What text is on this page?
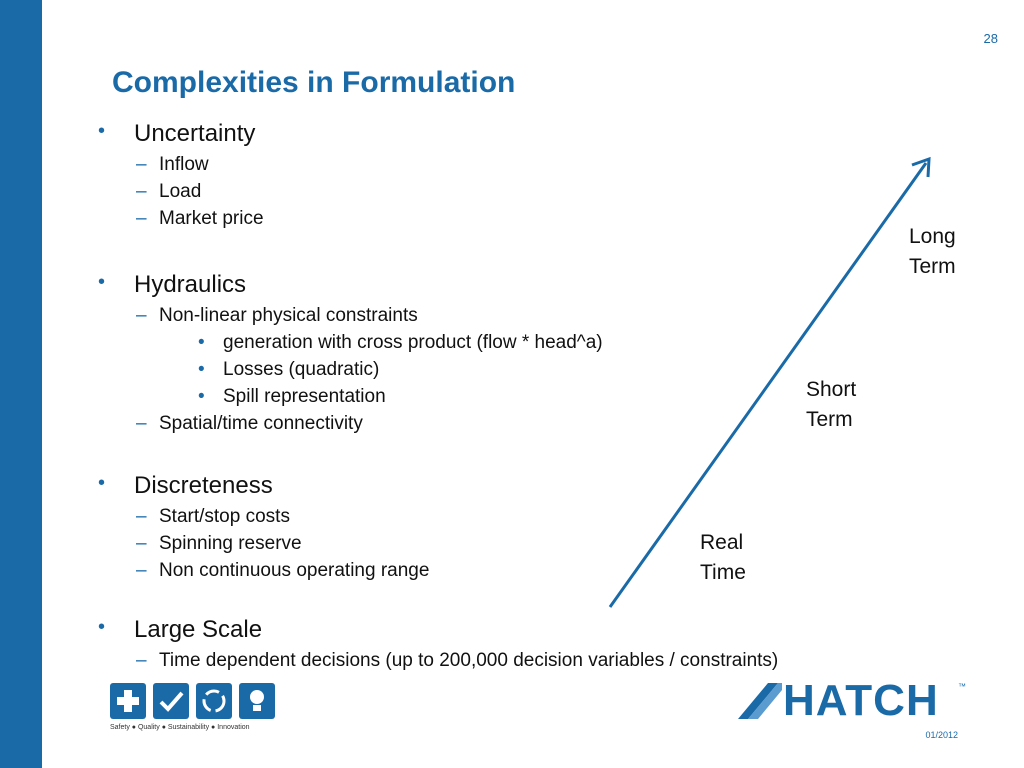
28
Complexities in Formulation
• Uncertainty
– Inflow
– Load
– Market price
• Hydraulics
– Non-linear physical constraints
• generation with cross product (flow * head^a)
• Losses (quadratic)
• Spill representation
– Spatial/time connectivity
• Discreteness
– Start/stop costs
– Spinning reserve
– Non continuous operating range
• Large Scale
– Time dependent decisions (up to 200,000 decision variables / constraints)
Real
Time
Short
Term
Long
Term
Safety ● Quality ● Sustainability ● Innovation
HATCH ™
01/2012
